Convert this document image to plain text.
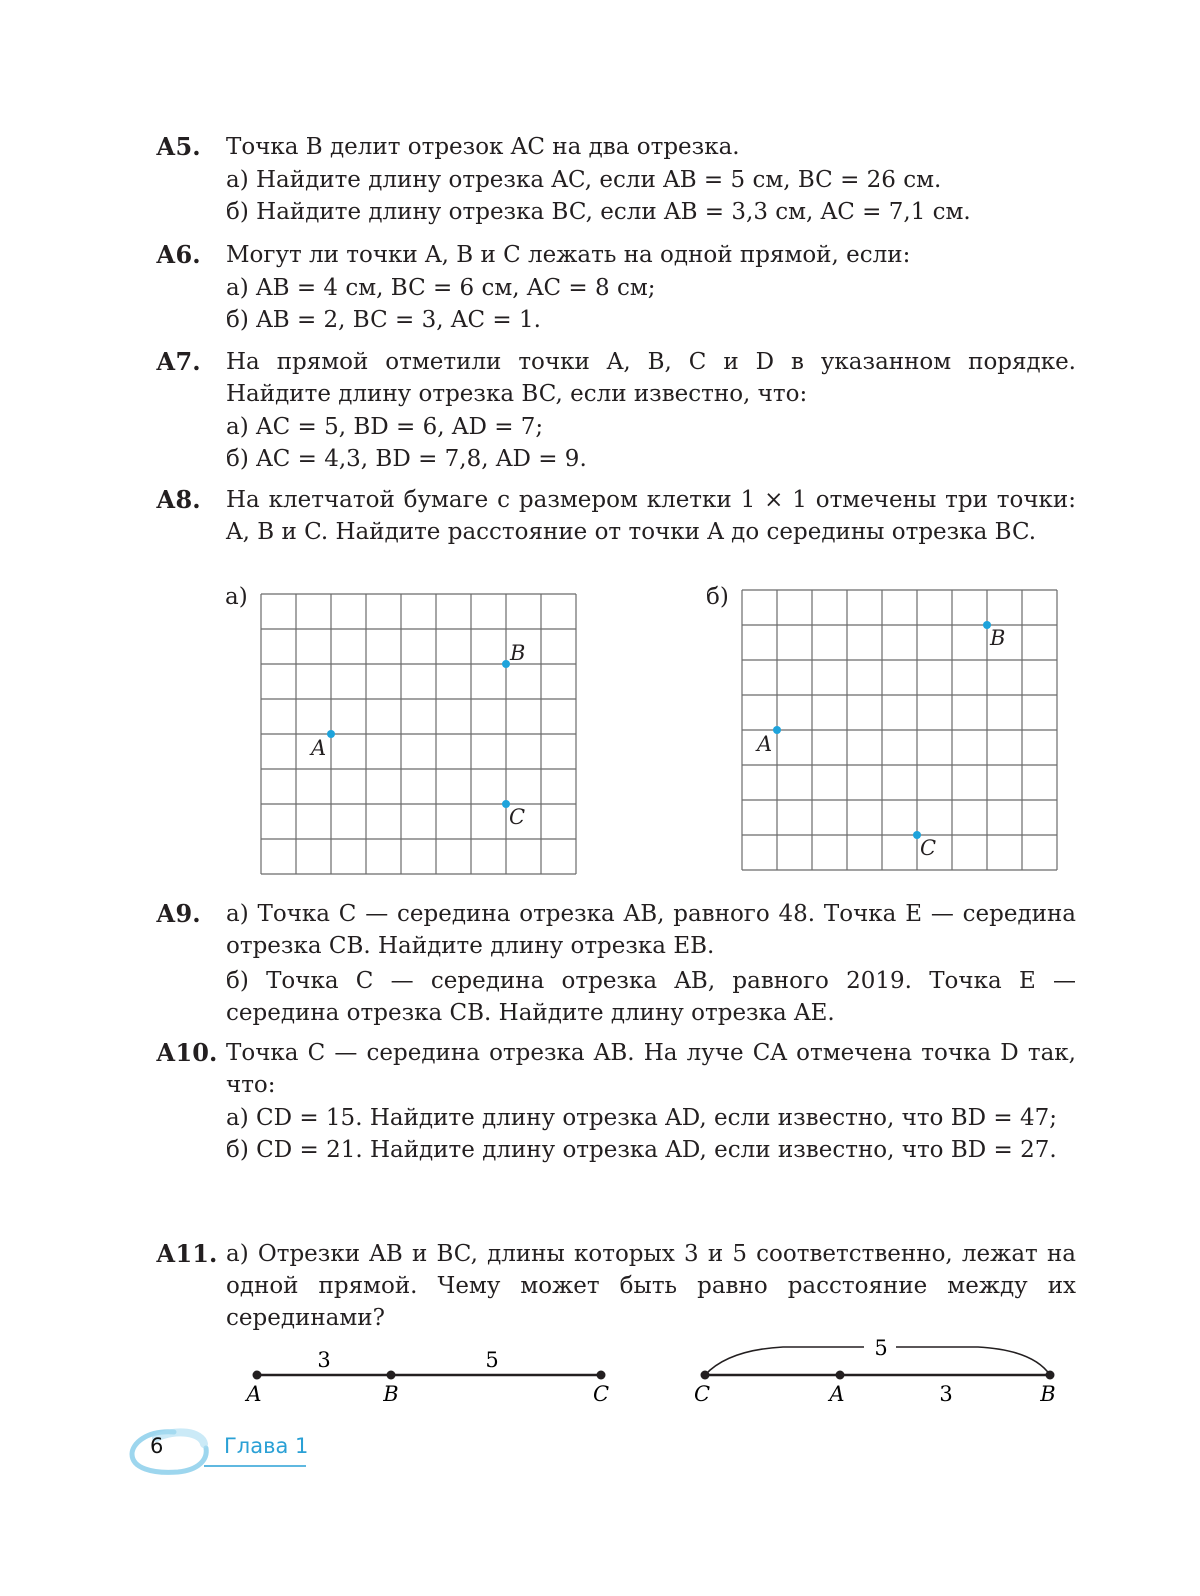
А5. Точка B делит отрезок AC на два отрезка.

а) Найдите длину отрезка AC, если AB = 5 см, BC = 26 см.

б) Найдите длину отрезка BC, если AB = 3,3 см, AC = 7,1 см.

А6. Могут ли точки A, B и C лежать на одной прямой, если:

а) AB = 4 см, BC = 6 см, AC = 8 см;

б) AB = 2, BC = 3, AC = 1.

А7. На прямой отметили точки A, B, C и D в указанном порядке. Найдите длину отрезка BC, если известно, что:

а) AC = 5, BD = 6, AD = 7;

б) AC = 4,3, BD = 7,8, AD = 9.

А8. На клетчатой бумаге с размером клетки 1 × 1 отмечены три точки: A, B и C. Найдите расстояние от точки A до середины отрезка BC.

а)
A
B
C
б)
A
B
C
А9. а) Точка C — середина отрезка AB, равного 48. Точка E — середина отрезка CB. Найдите длину отрезка EB.

б) Точка C — середина отрезка AB, равного 2019. Точка E — середина отрезка CB. Найдите длину отрезка AE.

А10. Точка C — середина отрезка AB. На луче CA отмечена точка D так, что:

а) CD = 15. Найдите длину отрезка AD, если известно, что BD = 47;

б) CD = 21. Найдите длину отрезка AD, если известно, что BD = 27.

А11. а) Отрезки AB и BC, длины которых 3 и 5 соответственно, лежат на одной прямой. Чему может быть равно расстояние между их серединами?

3	5
A	B	C
5
3
C	A	B
6	Глава 1
